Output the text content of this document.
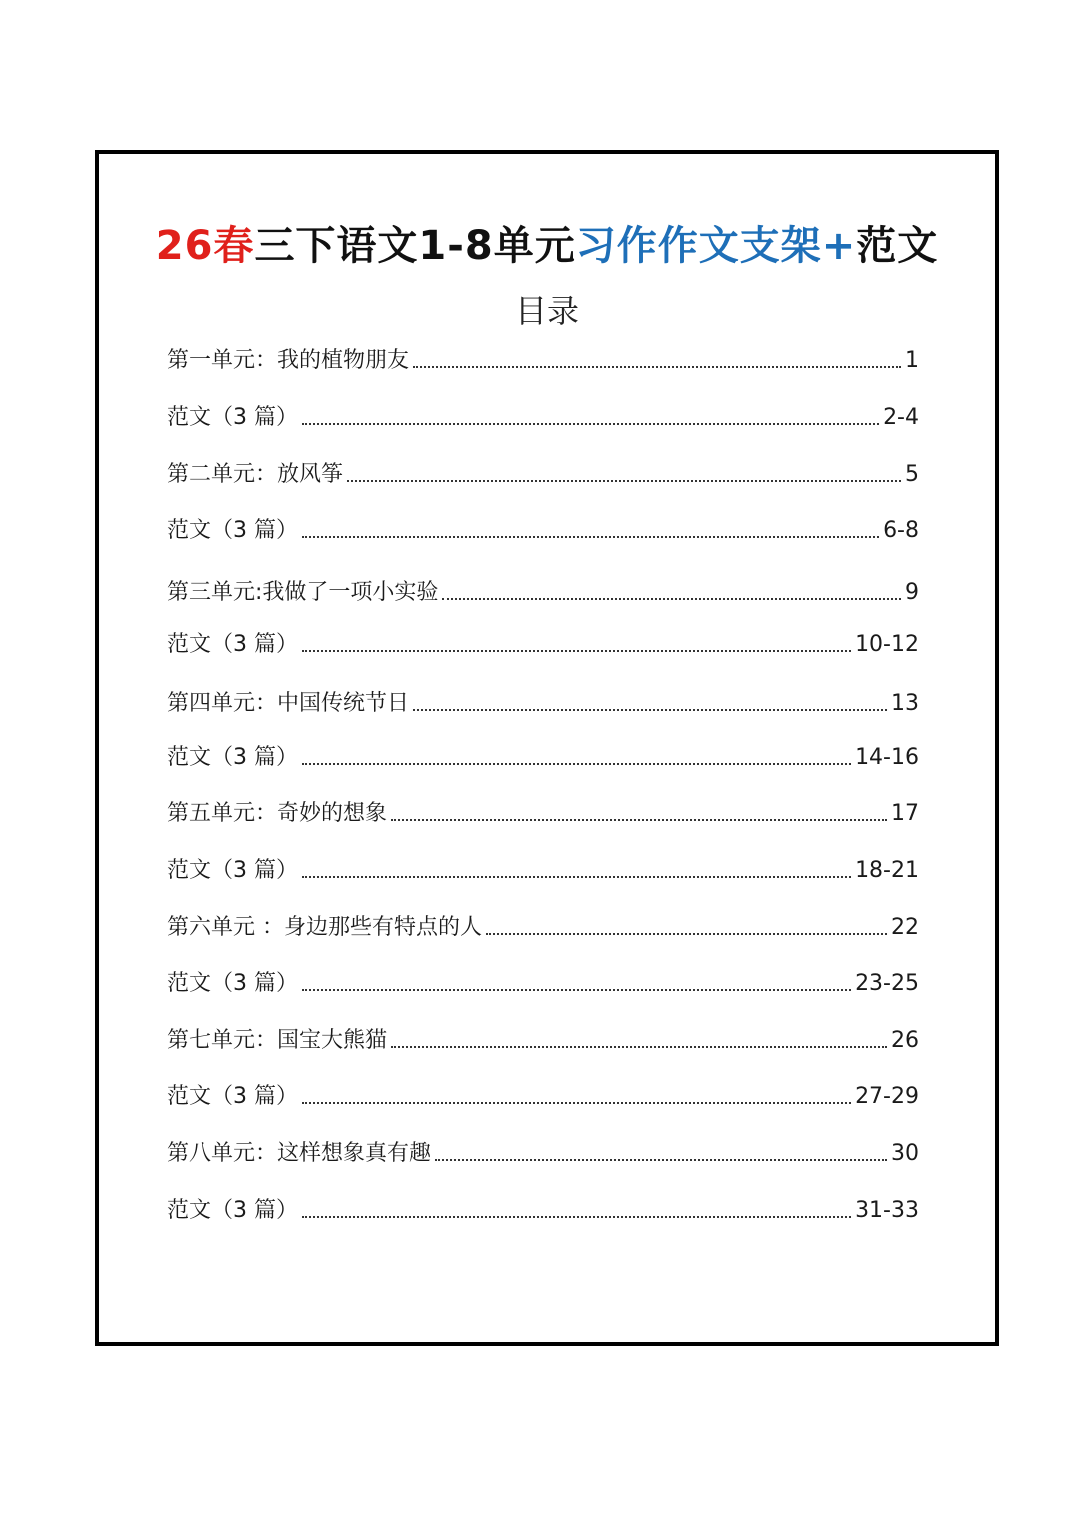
26春三下语文1-8单元习作作文支架+范文
目录
第一单元：我的植物朋友	1
范文（3 篇）	2-4
第二单元：放风筝	5
范文（3 篇）	6-8
第三单元:我做了一项小实验	9
范文（3 篇）	10-12
第四单元：中国传统节日	13
范文（3 篇）	14-16
第五单元：奇妙的想象	17
范文（3 篇）	18-21
第六单元 ：身边那些有特点的人	22
范文（3 篇）	23-25
第七单元：国宝大熊猫	26
范文（3 篇）	27-29
第八单元：这样想象真有趣	30
范文（3 篇）	31-33
